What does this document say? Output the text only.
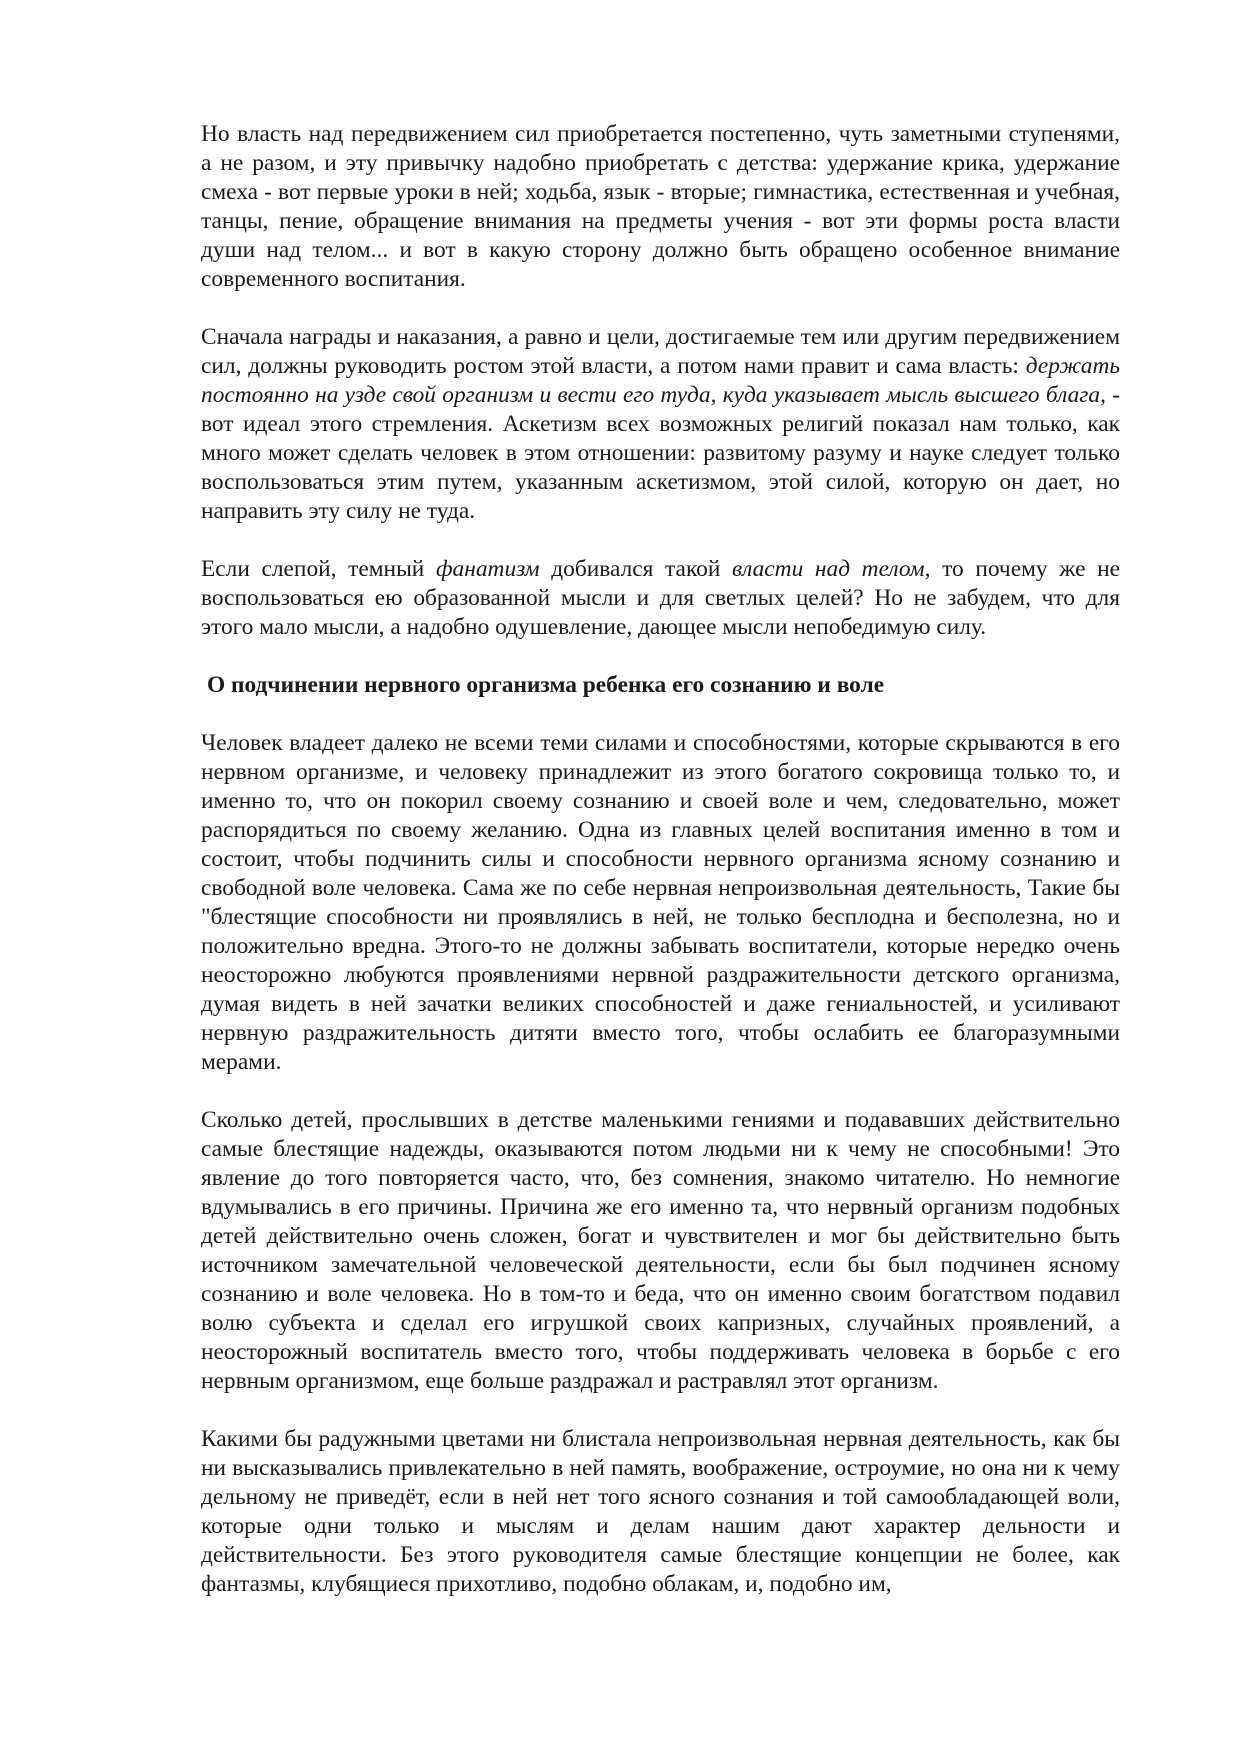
Но власть над передвижением сил приобретается постепенно, чуть заметными ступенями, а не разом, и эту привычку надобно приобретать с детства: удержание крика, удержание смеха - вот первые уроки в ней; ходьба, язык - вторые; гимнастика, естественная и учебная, танцы, пение, обращение внимания на предметы учения - вот эти формы роста власти души над телом... и вот в какую сторону должно быть обращено особенное внимание современного воспитания.

Сначала награды и наказания, а равно и цели, достигаемые тем или другим передвижением сил, должны руководить ростом этой власти, а потом нами правит и сама власть: держать постоянно на узде свой организм и вести его туда, куда указывает мысль высшего блага, - вот идеал этого стремления. Аскетизм всех возможных религий показал нам только, как много может сделать человек в этом отношении: развитому разуму и науке следует только воспользоваться этим путем, указанным аскетизмом, этой силой, которую он дает, но направить эту силу не туда.

Если слепой, темный фанатизм добивался такой власти над телом, то почему же не воспользоваться ею образованной мысли и для светлых целей? Но не забудем, что для этого мало мысли, а надобно одушевление, дающее мысли непобедимую силу.

О подчинении нервного организма ребенка его сознанию и воле

Человек владеет далеко не всеми теми силами и способностями, которые скрываются в его нервном организме, и человеку принадлежит из этого богатого сокровища только то, и именно то, что он покорил своему сознанию и своей воле и чем, следовательно, может распорядиться по своему желанию. Одна из главных целей воспитания именно в том и состоит, чтобы подчинить силы и способности нервного организма ясному сознанию и свободной воле человека. Сама же по себе нервная непроизвольная деятельность, Такие бы "блестящие способности ни проявлялись в ней, не только бесплодна и бесполезна, но и положительно вредна. Этого-то не должны забывать воспитатели, которые нередко очень неосторожно любуются проявлениями нервной раздражительности детского организма, думая видеть в ней зачатки великих способностей и даже гениальностей, и усиливают нервную раздражительность дитяти вместо того, чтобы ослабить ее благоразумными мерами.

Сколько детей, прослывших в детстве маленькими гениями и подававших действительно самые блестящие надежды, оказываются потом людьми ни к чему не способными! Это явление до того повторяется часто, что, без сомнения, знакомо читателю. Но немногие вдумывались в его причины. Причина же его именно та, что нервный организм подобных детей действительно очень сложен, богат и чувствителен и мог бы действительно быть источником замечательной человеческой деятельности, если бы был подчинен ясному сознанию и воле человека. Но в том-то и беда, что он именно своим богатством подавил волю субъекта и сделал его игрушкой своих капризных, случайных проявлений, а неосторожный воспитатель вместо того, чтобы поддерживать человека в борьбе с его нервным организмом, еще больше раздражал и растравлял этот организм.

Какими бы радужными цветами ни блистала непроизвольная нервная деятельность, как бы ни высказывались привлекательно в ней память, воображение, остроумие, но она ни к чему дельному не приведёт, если в ней нет того ясного сознания и той самообладающей воли, которые одни только и мыслям и делам нашим дают характер дельности и действительности. Без этого руководителя самые блестящие концепции не более, как фантазмы, клубящиеся прихотливо, подобно облакам, и, подобно им,
